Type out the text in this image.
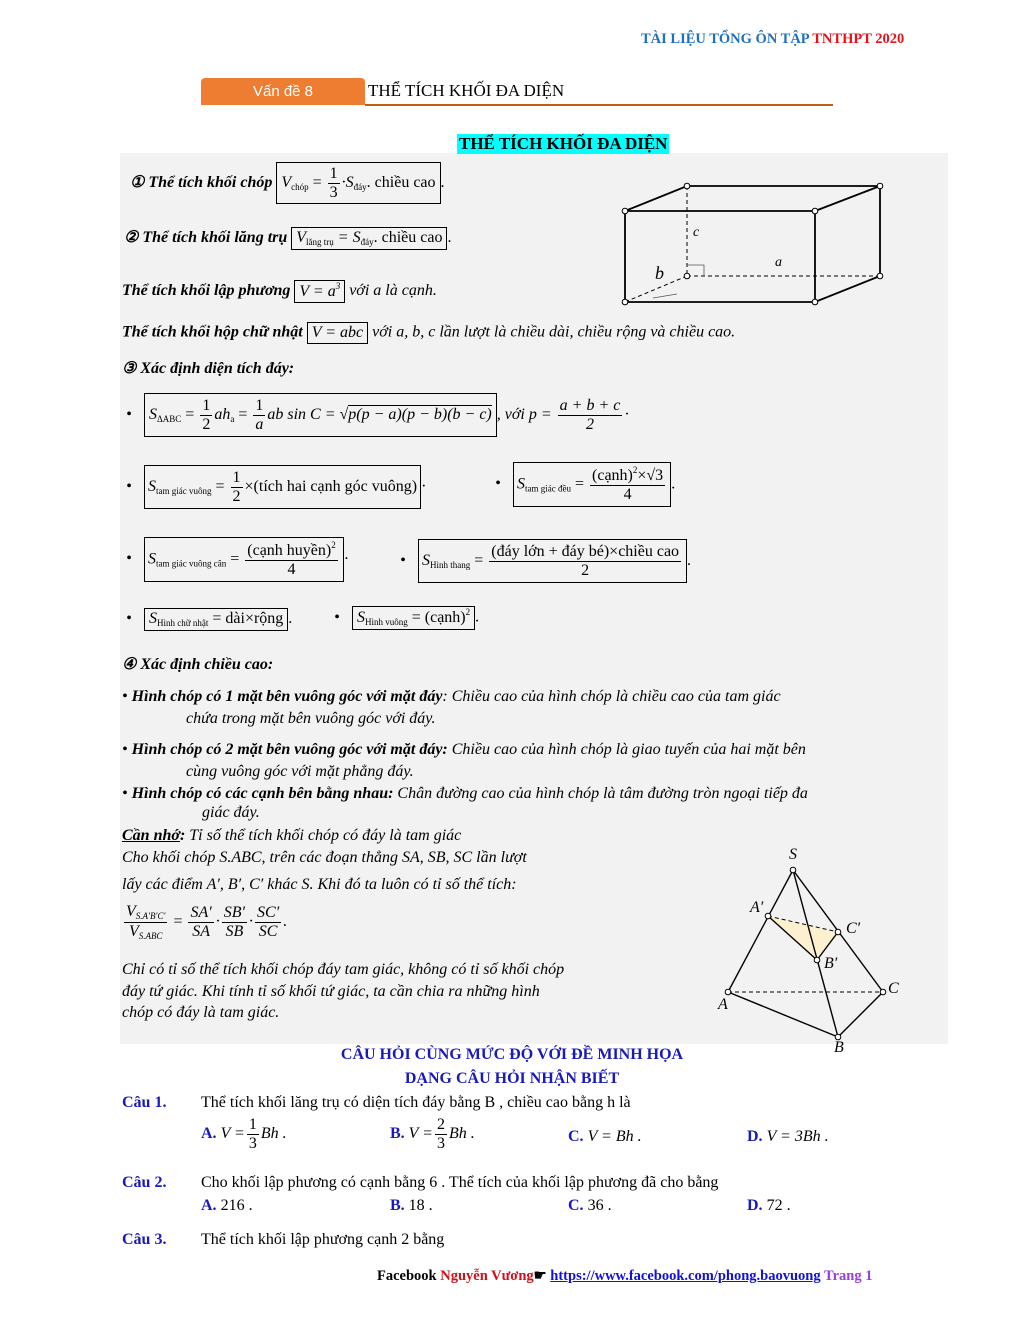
TÀI LIỆU TỔNG ÔN TẬP TNTHPT 2020
Vấn đề 8	THỂ TÍCH KHỐI ĐA DIỆN
THỂ TÍCH KHỐI ĐA DIỆN
① Thể tích khối chóp $V_{chóp} = \frac{1}{3} \cdot S_{đáy}$. chiều cao .
② Thể tích khối lăng trụ $V_{lăng trụ} = S_{đáy}$. chiều cao .
Thể tích khối lập phương $V = a^3$ với a là cạnh.
Thể tích khối hộp chữ nhật V = abc với a, b, c lần lượt là chiều dài, chiều rộng và chiều cao.
c
a
b
③ Xác định diện tích đáy:
• $S_{\Delta ABC} = \frac{1}{2} ah_a = \frac{1}{a}$ ab sin C = √p(p − a)(p − b)(b − c) , với $p = \frac{a + b + c}{2}$ ·
• $S_{tam giác vuông} = \frac{1}{2}$ ×(tích hai cạnh góc vuông) ·	• $S_{tam giác đều} = \frac{(cạnh)^2\times√3}{4}$ .
• $S_{tam giác vuông cân} = \frac{(cạnh huyền)^2}{4}$ ·	• $S_{Hình thang} = \frac{\text{(đáy lớn + đáy bé)×chiều cao}}{2}$ .
• $S_{Hình chữ nhật}$ = dài×rộng .	• $S_{Hình vuông}$ = (cạnh)$^2$ .
④ Xác định chiều cao:
• Hình chóp có 1 mặt bên vuông góc với mặt đáy: Chiều cao của hình chóp là chiều cao của tam giác
chứa trong mặt bên vuông góc với đáy.
• Hình chóp có 2 mặt bên vuông góc với mặt đáy: Chiều cao của hình chóp là giao tuyến của hai mặt bên
cùng vuông góc với mặt phẳng đáy.
• Hình chóp có các cạnh bên bằng nhau: Chân đường cao của hình chóp là tâm đường tròn ngoại tiếp đa
giác đáy.
Cần nhớ: Tỉ số thể tích khối chóp có đáy là tam giác
Cho khối chóp S.ABC, trên các đoạn thẳng SA, SB, SC lần lượt
lấy các điểm A′, B′, C′ khác S. Khi đó ta luôn có tỉ số thể tích:
$\frac{V_{S.A'B'C'}}{V_{S.ABC}} = \frac{SA'}{SA} \cdot \frac{SB'}{SB} \cdot \frac{SC'}{SC}$ .
Chỉ có tỉ số thể tích khối chóp đáy tam giác, không có tỉ số khối chóp
đáy tứ giác. Khi tính tỉ số khối tứ giác, ta cần chia ra những hình
chóp có đáy là tam giác.
S
A′
C′
B′
A
C
B
CÂU HỎI CÙNG MỨC ĐỘ VỚI ĐỀ MINH HỌA
DẠNG CÂU HỎI NHẬN BIẾT
Câu 1. Thể tích khối lăng trụ có diện tích đáy bằng B , chiều cao bằng h là
A. $V = \frac{1}{3}$ Bh .	B. $V = \frac{2}{3}$ Bh .	C. V = Bh .	D. V = 3Bh .
Câu 2. Cho khối lập phương có cạnh bằng 6 . Thể tích của khối lập phương đã cho bằng
A. 216 .	B. 18 .	C. 36 .	D. 72 .
Câu 3. Thể tích khối lập phương cạnh 2 bằng
Facebook Nguyễn Vương☛ https://www.facebook.com/phong.baovuong Trang 1
